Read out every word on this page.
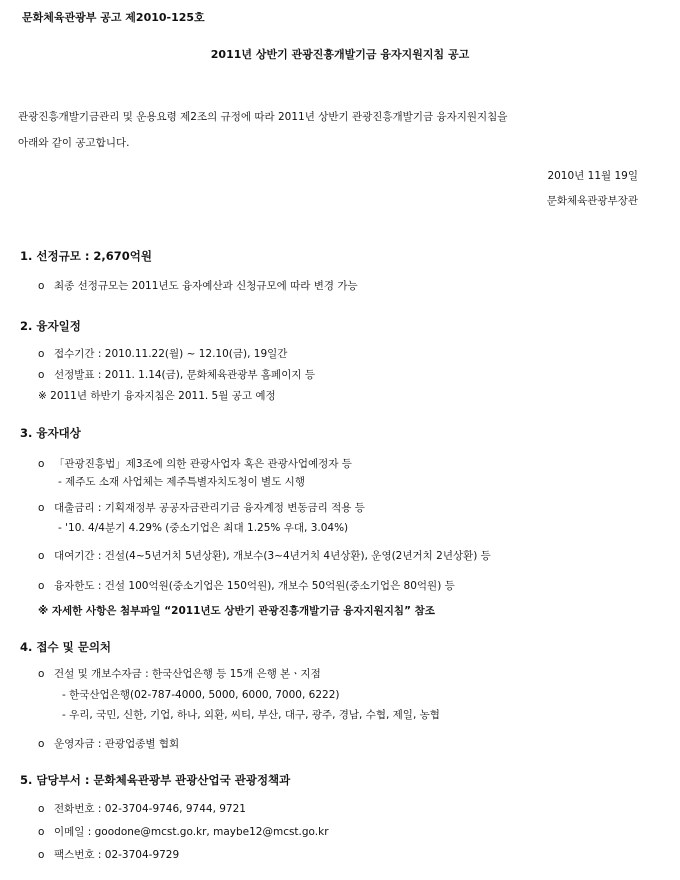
문화체육관광부 공고 제2010-125호
2011년 상반기 관광진흥개발기금 융자지원지침 공고
관광진흥개발기금관리 및 운용요령 제2조의 규정에 따라 2011년 상반기 관광진흥개발기금 융자지원지침을
아래와 같이 공고합니다.
2010년 11월 19일
문화체육관광부장관
1. 선정규모 : 2,670억원
o 최종 선정규모는 2011년도 융자예산과 신청규모에 따라 변경 가능
2. 융자일정
o 접수기간 : 2010.11.22(월) ~ 12.10(금), 19일간
o 선정발표 : 2011. 1.14(금), 문화체육관광부 홈페이지 등
※ 2011년 하반기 융자지침은 2011. 5월 공고 예정
3. 융자대상
o 「관광진흥법」제3조에 의한 관광사업자 혹은 관광사업예정자 등
- 제주도 소재 사업체는 제주특별자치도청이 별도 시행
o 대출금리 : 기획재정부 공공자금관리기금 융자계정 변동금리 적용 등
- '10. 4/4분기 4.29% (중소기업은 최대 1.25% 우대, 3.04%)
o 대여기간 : 건설(4~5년거치 5년상환), 개보수(3~4년거치 4년상환), 운영(2년거치 2년상환) 등
o 융자한도 : 건설 100억원(중소기업은 150억원), 개보수 50억원(중소기업은 80억원) 등
※ 자세한 사항은 첨부파일 “2011년도 상반기 관광진흥개발기금 융자지원지침” 참조
4. 접수 및 문의처
o 건설 및 개보수자금 : 한국산업은행 등 15개 은행 본ㆍ지점
- 한국산업은행(02-787-4000, 5000, 6000, 7000, 6222)
- 우리, 국민, 신한, 기업, 하나, 외환, 씨티, 부산, 대구, 광주, 경남, 수협, 제일, 농협
o 운영자금 : 관광업종별 협회
5. 담당부서 : 문화체육관광부 관광산업국 관광정책과
o 전화번호 : 02-3704-9746, 9744, 9721
o 이메일 : goodone@mcst.go.kr, maybe12@mcst.go.kr
o 팩스번호 : 02-3704-9729
